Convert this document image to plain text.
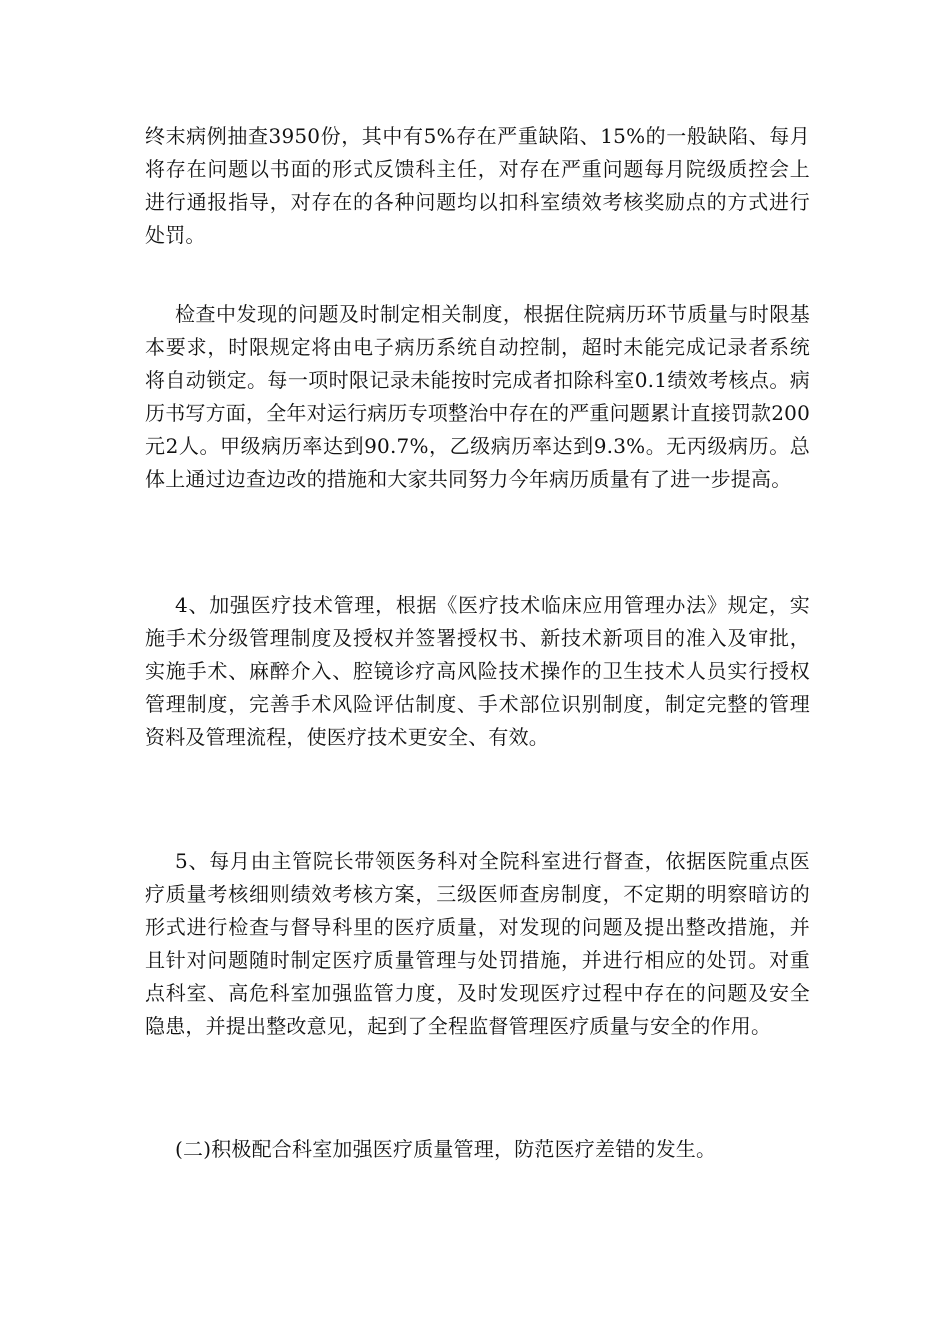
终末病例抽查3950份，其中有5%存在严重缺陷、15%的一般缺陷、每月将存在问题以书面的形式反馈科主任，对存在严重问题每月院级质控会上进行通报指导，对存在的各种问题均以扣科室绩效考核奖励点的方式进行处罚。

检查中发现的问题及时制定相关制度，根据住院病历环节质量与时限基本要求，时限规定将由电子病历系统自动控制，超时未能完成记录者系统将自动锁定。每一项时限记录未能按时完成者扣除科室0.1绩效考核点。病历书写方面，全年对运行病历专项整治中存在的严重问题累计直接罚款200元2人。甲级病历率达到90.7%，乙级病历率达到9.3%。无丙级病历。总体上通过边查边改的措施和大家共同努力今年病历质量有了进一步提高。

4、加强医疗技术管理，根据《医疗技术临床应用管理办法》规定，实施手术分级管理制度及授权并签署授权书、新技术新项目的准入及审批，实施手术、麻醉介入、腔镜诊疗高风险技术操作的卫生技术人员实行授权管理制度，完善手术风险评估制度、手术部位识别制度，制定完整的管理资料及管理流程，使医疗技术更安全、有效。

5、每月由主管院长带领医务科对全院科室进行督查，依据医院重点医疗质量考核细则绩效考核方案，三级医师查房制度，不定期的明察暗访的形式进行检查与督导科里的医疗质量，对发现的问题及提出整改措施，并且针对问题随时制定医疗质量管理与处罚措施，并进行相应的处罚。对重点科室、高危科室加强监管力度，及时发现医疗过程中存在的问题及安全隐患，并提出整改意见，起到了全程监督管理医疗质量与安全的作用。

(二)积极配合科室加强医疗质量管理，防范医疗差错的发生。
